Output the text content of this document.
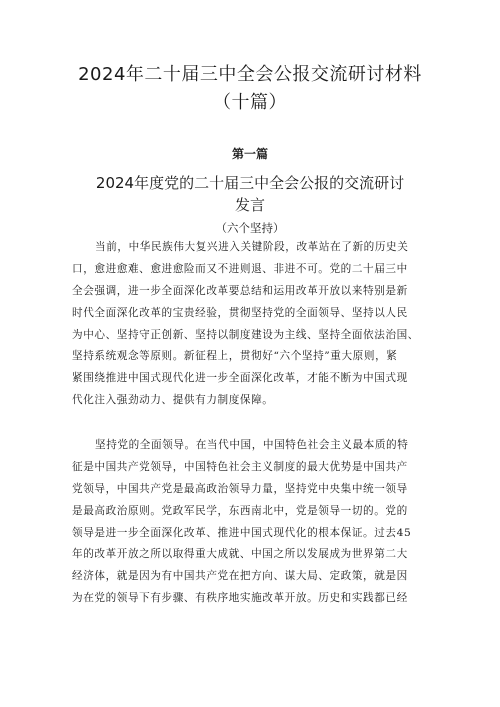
2024年二十届三中全会公报交流研讨材料
（十篇）
第一篇
2024年度党的二十届三中全会公报的交流研讨
发言
（六个坚持）
当前，中华民族伟大复兴进入关键阶段，改革站在了新的历史关
口，愈进愈难、愈进愈险而又不进则退、非进不可。党的二十届三中
全会强调，进一步全面深化改革要总结和运用改革开放以来特别是新
时代全面深化改革的宝贵经验，贯彻坚持党的全面领导、坚持以人民
为中心、坚持守正创新、坚持以制度建设为主线、坚持全面依法治国、
坚持系统观念等原则。新征程上，贯彻好“六个坚持”重大原则，紧
紧围绕推进中国式现代化进一步全面深化改革，才能不断为中国式现
代化注入强劲动力、提供有力制度保障。
坚持党的全面领导。在当代中国，中国特色社会主义最本质的特
征是中国共产党领导，中国特色社会主义制度的最大优势是中国共产
党领导，中国共产党是最高政治领导力量，坚持党中央集中统一领导
是最高政治原则。党政军民学，东西南北中，党是领导一切的。党的
领导是进一步全面深化改革、推进中国式现代化的根本保证。过去45
年的改革开放之所以取得重大成就、中国之所以发展成为世界第二大
经济体，就是因为有中国共产党在把方向、谋大局、定政策，就是因
为在党的领导下有步骤、有秩序地实施改革开放。历史和实践都已经
